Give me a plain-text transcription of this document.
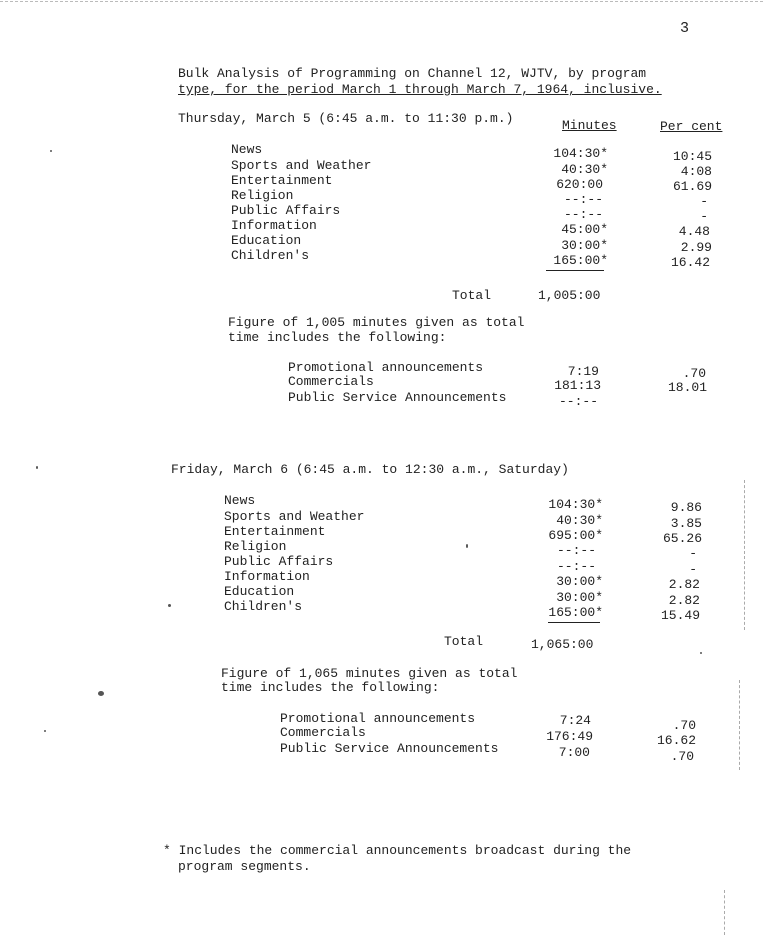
3
Bulk Analysis of Programming on Channel 12, WJTV, by program
type, for the period March 1 through March 7, 1964, inclusive.
Thursday, March 5 (6:45 a.m. to 11:30 p.m.)	Minutes	Per cent
News	104:30*	10:45
Sports and Weather	40:30*	4:08
Entertainment	620:00	61.69
Religion	--:--	-
Public Affairs	--:--	-
Information	45:00*	4.48
Education	30:00*	2.99
Children's	165:00*	16.42
Total	1,005:00
Figure of 1,005 minutes given as total
time includes the following:
Promotional announcements	7:19	.70
Commercials	181:13	18.01
Public Service Announcements	--:--
Friday, March 6 (6:45 a.m. to 12:30 a.m., Saturday)
News	104:30*	9.86
Sports and Weather	40:30*	3.85
Entertainment	695:00*	65.26
Religion	--:--	-
Public Affairs	--:--	-
Information	30:00*	2.82
Education	30:00*	2.82
Children's	165:00*	15.49
Total	1,065:00
Figure of 1,065 minutes given as total
time includes the following:
Promotional announcements	7:24	.70
Commercials	176:49	16.62
Public Service Announcements	7:00	.70
* Includes the commercial announcements broadcast during the
program segments.
